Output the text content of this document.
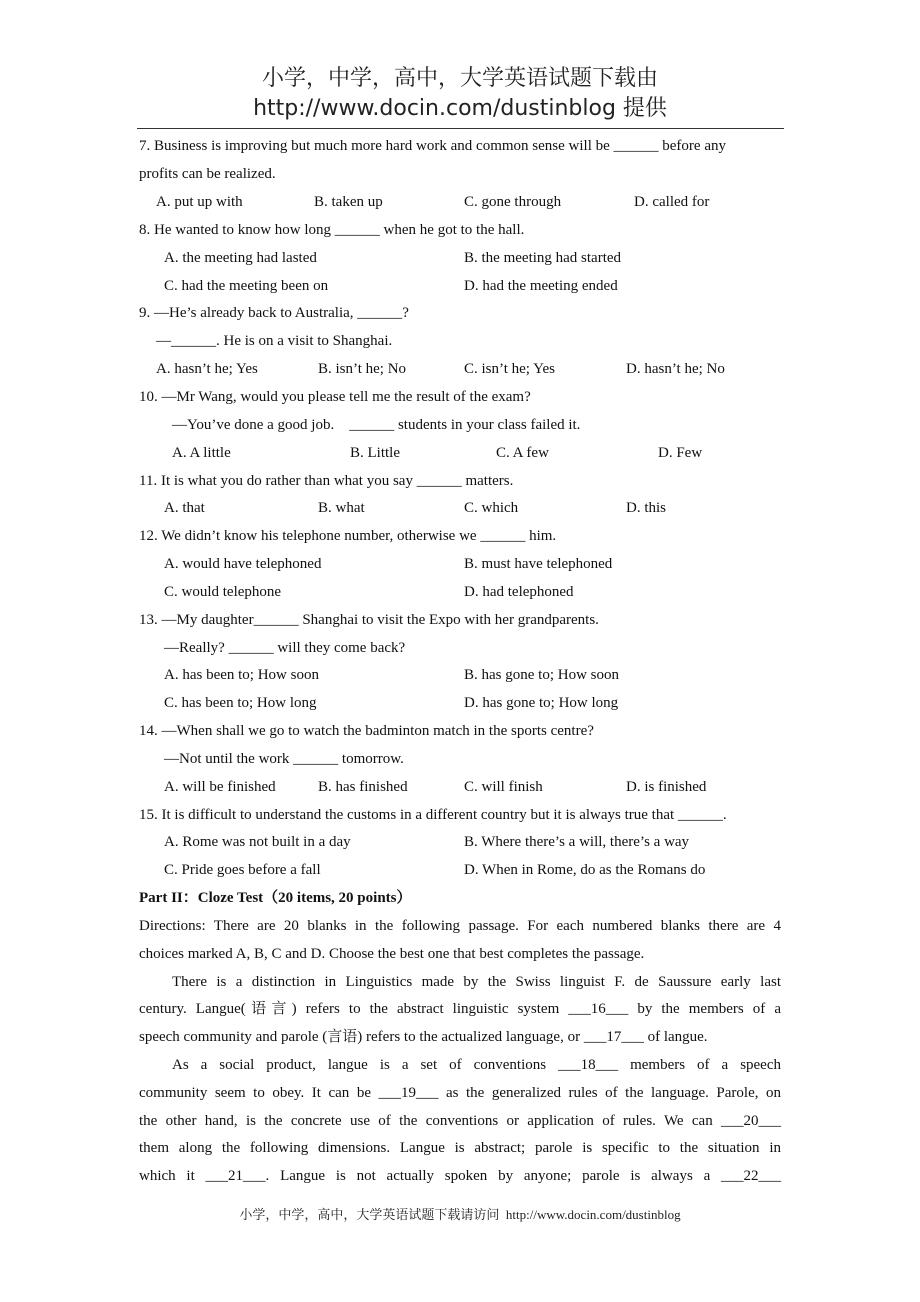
小学，中学，高中，大学英语试题下载由
http://www.docin.com/dustinblog 提供
7. Business is improving but much more hard work and common sense will be ______ before any
profits can be realized.
A. put up with	B. taken up	C. gone through	D. called for
8. He wanted to know how long ______ when he got to the hall.
A. the meeting had lasted	B. the meeting had started
C. had the meeting been on	D. had the meeting ended
9. —He’s already back to Australia, ______?
—______. He is on a visit to Shanghai.
A. hasn’t he; Yes	B. isn’t he; No	C. isn’t he; Yes	D. hasn’t he; No
10. —Mr Wang, would you please tell me the result of the exam?
—You’ve done a good job.    ______ students in your class failed it.
A. A little	B. Little	C. A few	D. Few
11. It is what you do rather than what you say ______ matters.
A. that	B. what	C. which	D. this
12. We didn’t know his telephone number, otherwise we ______ him.
A. would have telephoned	B. must have telephoned
C. would telephone	D. had telephoned
13. —My daughter______ Shanghai to visit the Expo with her grandparents.
—Really? ______ will they come back?
A. has been to; How soon	B. has gone to; How soon
C. has been to; How long	D. has gone to; How long
14. —When shall we go to watch the badminton match in the sports centre?
—Not until the work ______ tomorrow.
A. will be finished	B. has finished	C. will finish	D. is finished
15. It is difficult to understand the customs in a different country but it is always true that ______.
A. Rome was not built in a day	B. Where there’s a will, there’s a way
C. Pride goes before a fall	D. When in Rome, do as the Romans do
Part II：Cloze Test（20 items, 20 points）
Directions: There are 20 blanks in the following passage. For each numbered blanks there are 4
choices marked A, B, C and D. Choose the best one that best completes the passage.
There is a distinction in Linguistics made by the Swiss linguist F. de Saussure early last
century. Langue(语言) refers to the abstract linguistic system ___16___ by the members of a
speech community and parole (言语) refers to the actualized language, or ___17___ of langue.
As a social product, langue is a set of conventions ___18___ members of a speech
community seem to obey. It can be ___19___ as the generalized rules of the language. Parole, on
the other hand, is the concrete use of the conventions or application of rules. We can ___20___
them along the following dimensions. Langue is abstract; parole is specific to the situation in
which it ___21___. Langue is not actually spoken by anyone; parole is always a ___22___
小学，中学，高中，大学英语试题下载请访问  http://www.docin.com/dustinblog
